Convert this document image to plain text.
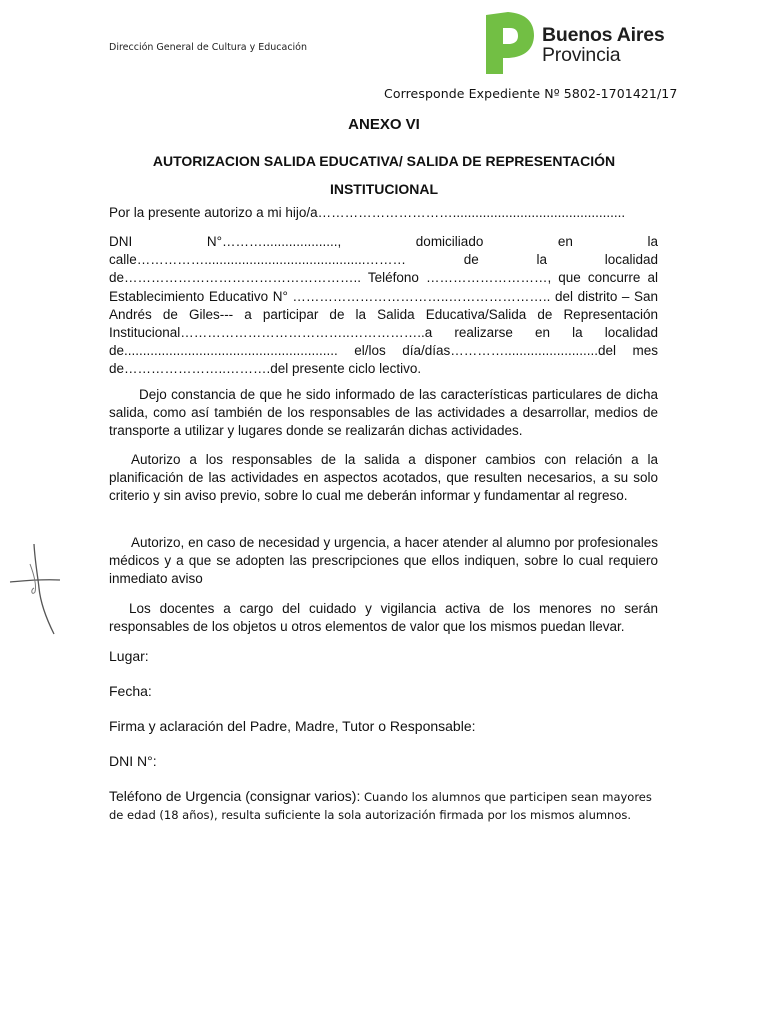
Dirección General de Cultura y Educación
Buenos Aires
Provincia
Corresponde Expediente Nº 5802-1701421/17
ANEXO VI
AUTORIZACION SALIDA EDUCATIVA/ SALIDA DE REPRESENTACIÓN
INSTITUCIONAL
Por la presente autorizo a mi hijo/a…………………………..............................................

DNI N°………...................., domiciliado en la calle……………...........................................……… de la localidad de…………………………………………….. Teléfono ………………………, que concurre al Establecimiento Educativo N° ……………………………..………………….. del distrito – San Andrés de Giles--- a participar de la Salida Educativa/Salida de Representación Institucional………………………………..……………..a realizarse en la localidad de......................................................... el/los día/días………….........................del mes de…………………..……….del presente ciclo lectivo.

Dejo constancia de que he sido informado de las características particulares de dicha salida, como así también de los responsables de las actividades a desarrollar, medios de transporte a utilizar y lugares donde se realizarán dichas actividades.

Autorizo a los responsables de la salida a disponer cambios con relación a la planificación de las actividades en aspectos acotados, que resulten necesarios, a su solo criterio y sin aviso previo, sobre lo cual me deberán informar y fundamentar al regreso.

Autorizo, en caso de necesidad y urgencia, a hacer atender al alumno por profesionales médicos y a que se adopten las prescripciones que ellos indiquen, sobre lo cual requiero inmediato aviso

Los docentes a cargo del cuidado y vigilancia activa de los menores no serán responsables de los objetos u otros elementos de valor que los mismos puedan llevar.

Lugar:
Fecha:
Firma y aclaración del Padre, Madre, Tutor o Responsable:
DNI N°:
Teléfono de Urgencia (consignar varios): Cuando los alumnos que participen sean mayores de edad (18 años), resulta suficiente la sola autorización firmada por los mismos alumnos.
